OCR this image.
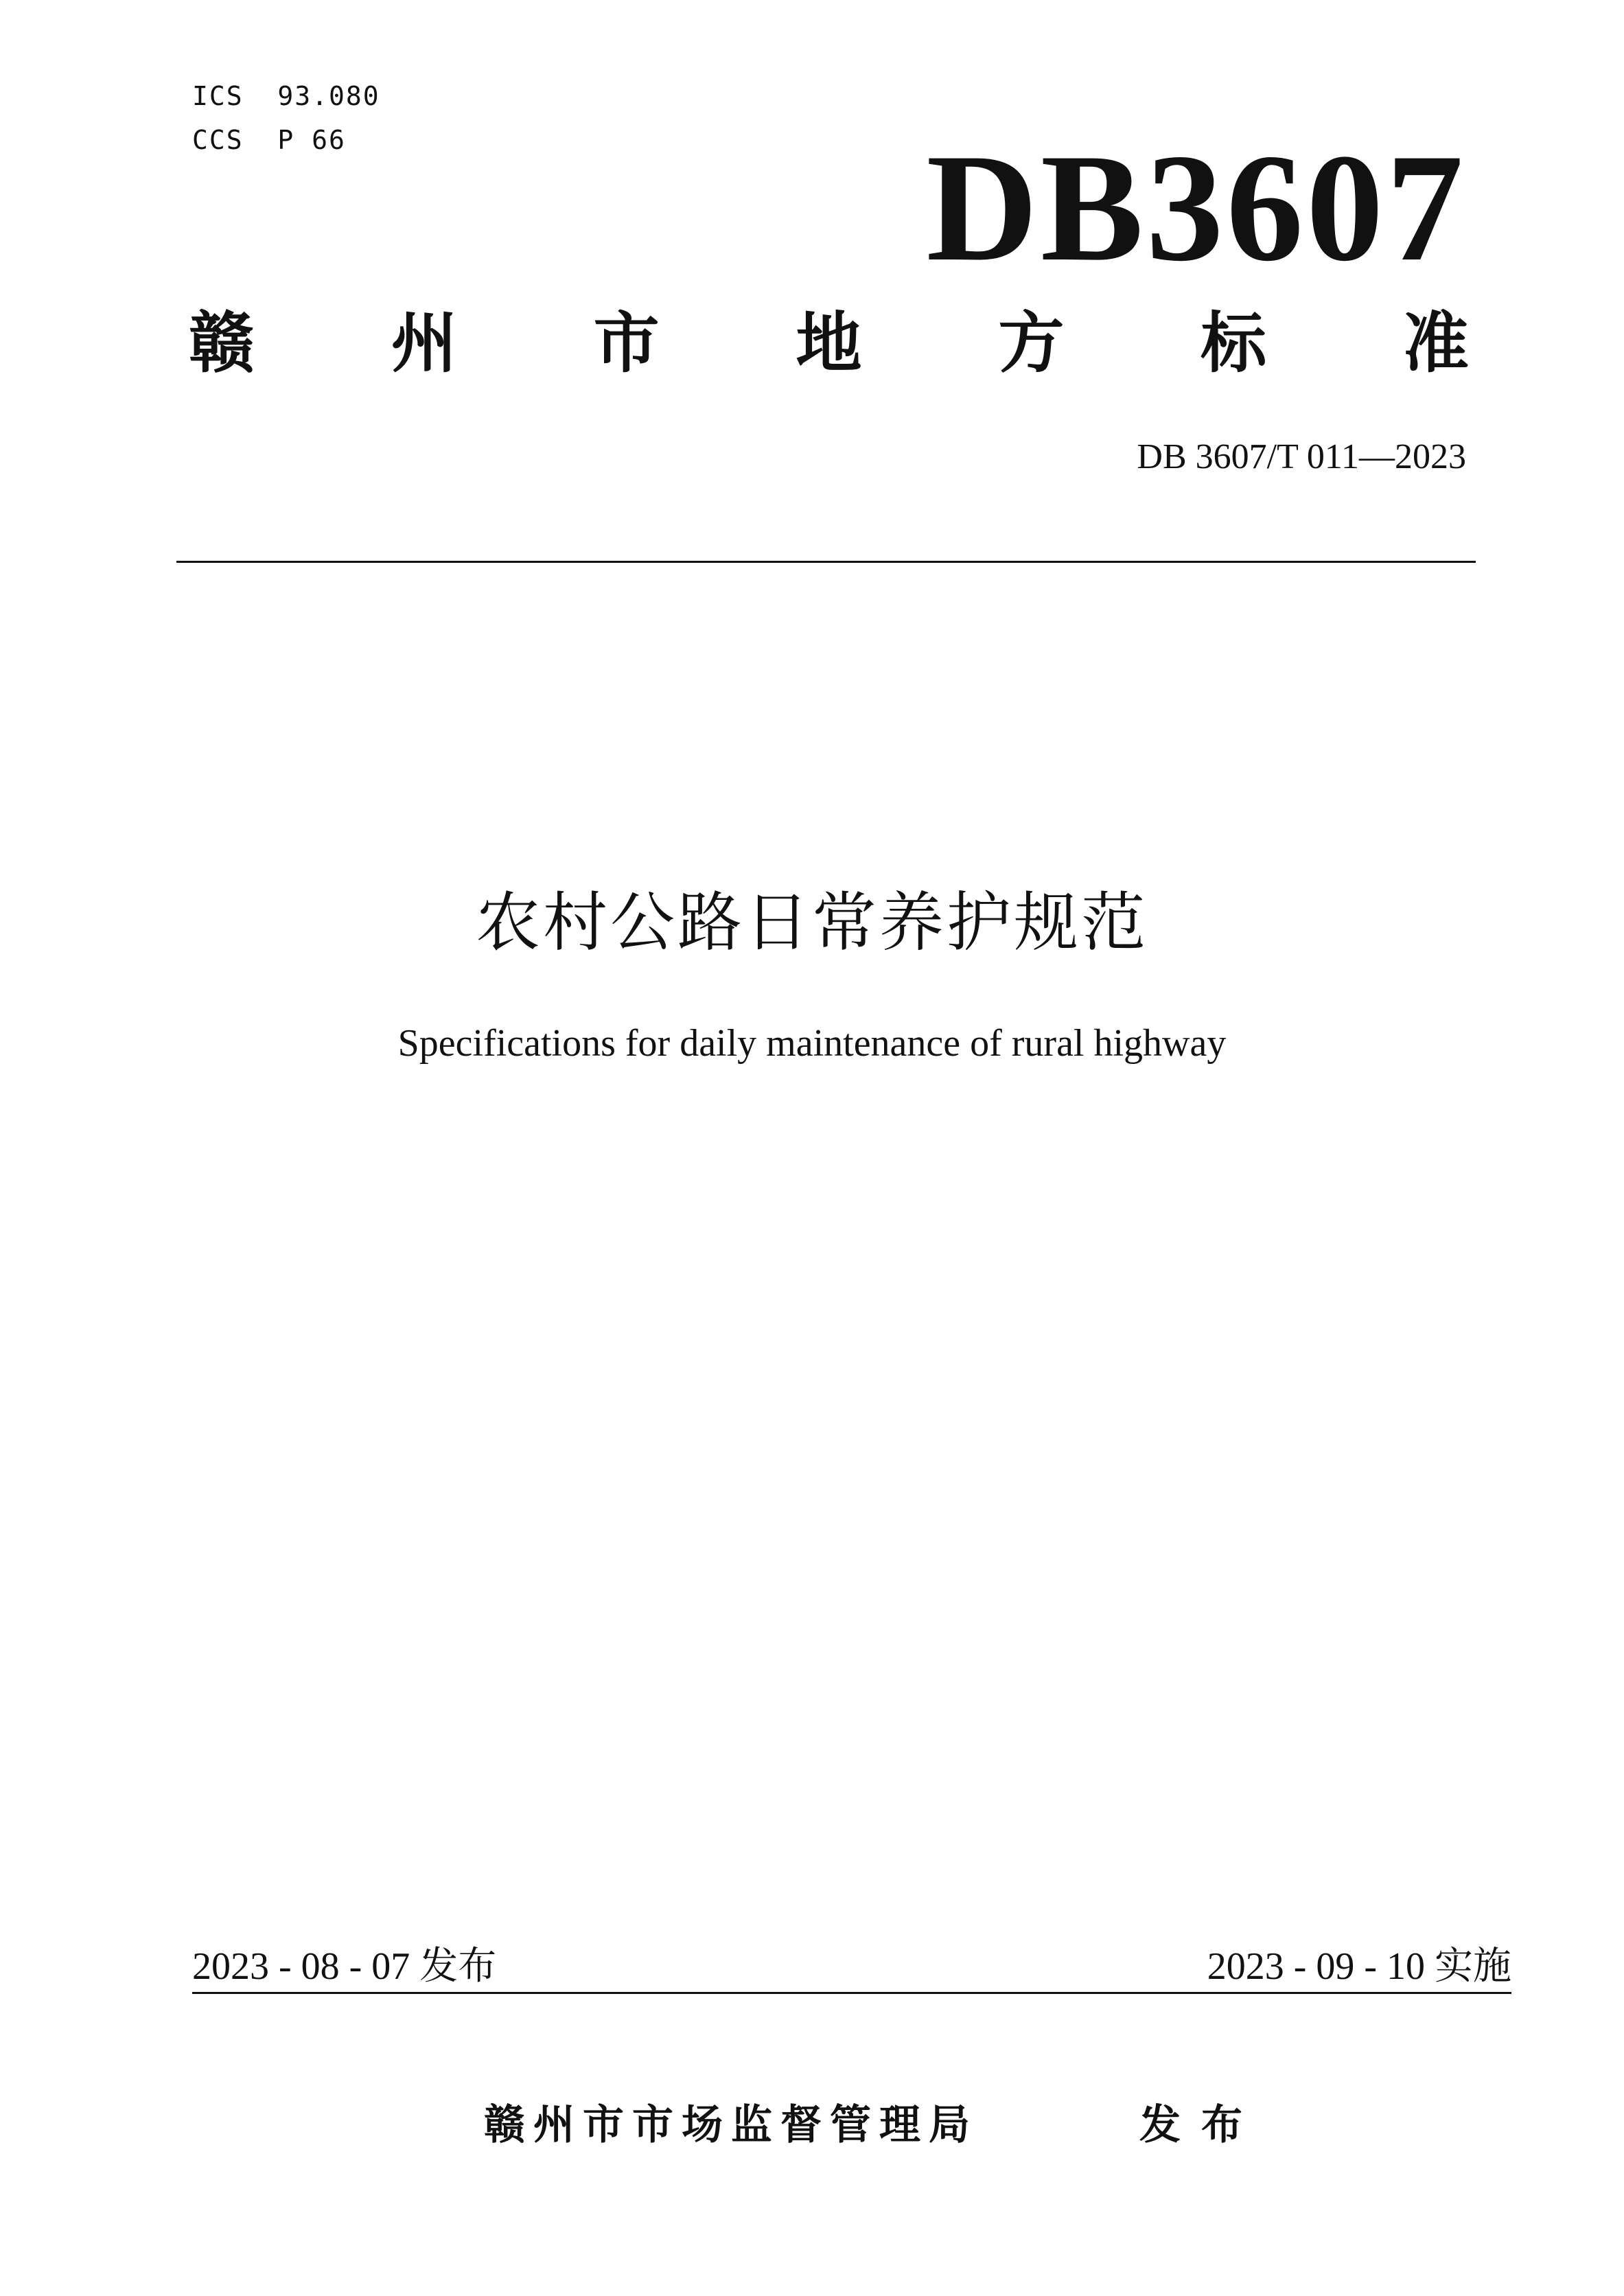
ICS  93.080
CCS  P 66	DB3607
赣 州 市 地 方 标 准
DB 3607/T 011—2023
农村公路日常养护规范
Specifications for daily maintenance of rural highway
2023 - 08 - 07 发布	2023 - 09 - 10 实施
赣州市市场监督管理局	发布
